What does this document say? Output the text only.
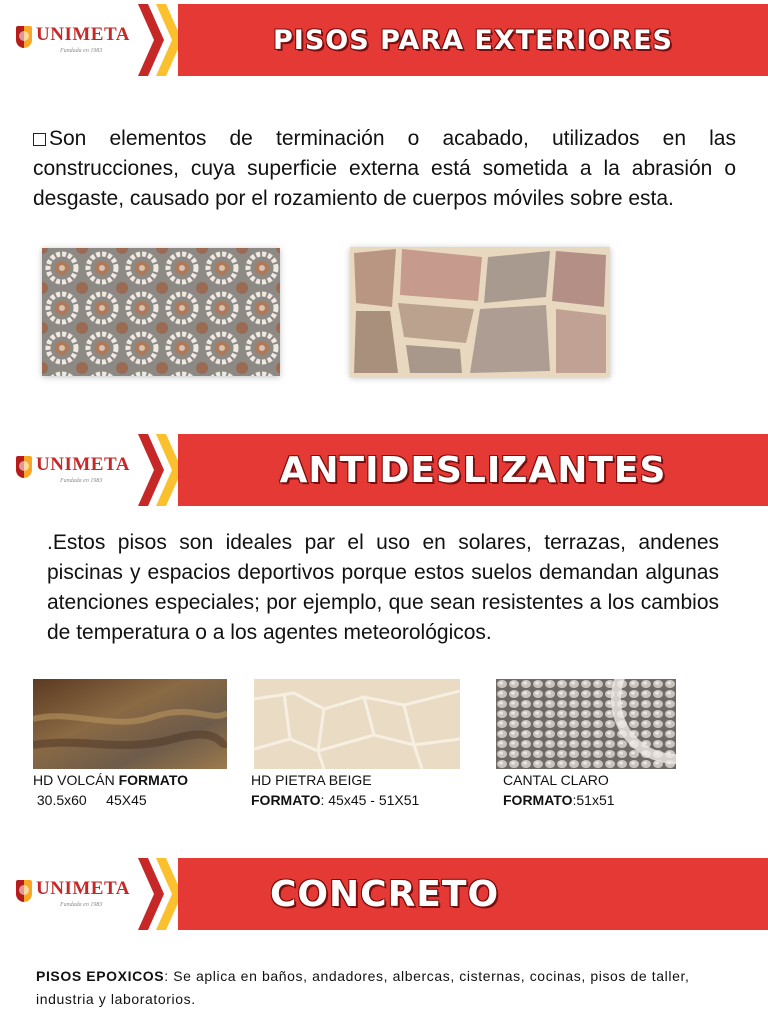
UNIMETA
Fundada en 1983	PISOS PARA EXTERIORES
Son elementos de terminación o acabado, utilizados en las construcciones, cuya superficie externa está sometida a la abrasión o desgaste, causado por el rozamiento de cuerpos móviles sobre esta.
UNIMETA
Fundada en 1983	ANTIDESLIZANTES
.Estos pisos son ideales par el uso en solares, terrazas, andenes piscinas y espacios deportivos porque estos suelos demandan algunas atenciones especiales; por ejemplo, que sean resistentes a los cambios de temperatura o a los agentes meteorológicos.
HD VOLCÁN FORMATO
30.5x60     45X45
HD PIETRA BEIGE
FORMATO: 45x45 - 51X51
CANTAL CLARO
FORMATO:51x51
UNIMETA
Fundada en 1983	CONCRETO
PISOS EPOXICOS: Se aplica en baños, andadores, albercas, cisternas, cocinas, pisos de taller, industria y laboratorios.
